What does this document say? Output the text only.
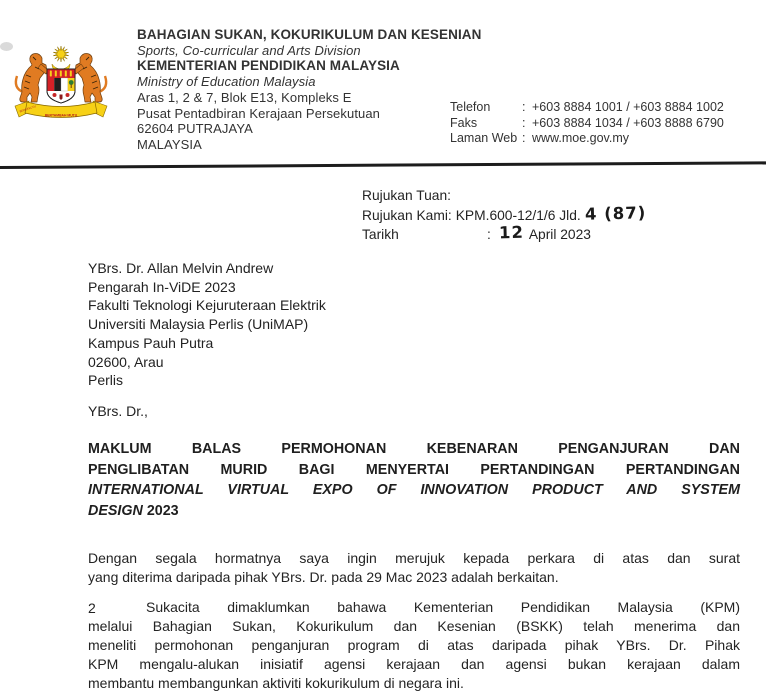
BERSEKUTU
BERTAMBAH MUTU
BAHAGIAN SUKAN, KOKURIKULUM DAN KESENIAN
Sports, Co-curricular and Arts Division
KEMENTERIAN PENDIDIKAN MALAYSIA
Ministry of Education Malaysia
Aras 1, 2 & 7, Blok E13, Kompleks E
Pusat Pentadbiran Kerajaan Persekutuan
62604 PUTRAJAYA
MALAYSIA
Telefon	: +603 8884 1001 / +603 8884 1002
Faks	: +603 8884 1034 / +603 8888 6790
Laman Web : www.moe.gov.my
Rujukan Tuan:
Rujukan Kami: KPM.600-12/1/6 Jld. 4 (87)
Tarikh	: 12 April 2023
YBrs. Dr. Allan Melvin Andrew
Pengarah In-ViDE 2023
Fakulti Teknologi Kejuruteraan Elektrik
Universiti Malaysia Perlis (UniMAP)
Kampus Pauh Putra
02600, Arau
Perlis
YBrs. Dr.,
MAKLUM BALAS PERMOHONAN KEBENARAN PENGANJURAN DAN
PENGLIBATAN MURID BAGI MENYERTAI PERTANDINGAN PERTANDINGAN
INTERNATIONAL VIRTUAL EXPO OF INNOVATION PRODUCT AND SYSTEM
DESIGN 2023
Dengan segala hormatnya saya ingin merujuk kepada perkara di atas dan surat
yang diterima daripada pihak YBrs. Dr. pada 29 Mac 2023 adalah berkaitan.
2	Sukacita dimaklumkan bahawa Kementerian Pendidikan Malaysia (KPM)
melalui Bahagian Sukan, Kokurikulum dan Kesenian (BSKK) telah menerima dan
meneliti permohonan penganjuran program di atas daripada pihak YBrs. Dr. Pihak
KPM mengalu-alukan inisiatif agensi kerajaan dan agensi bukan kerajaan dalam
membantu membangunkan aktiviti kokurikulum di negara ini.
